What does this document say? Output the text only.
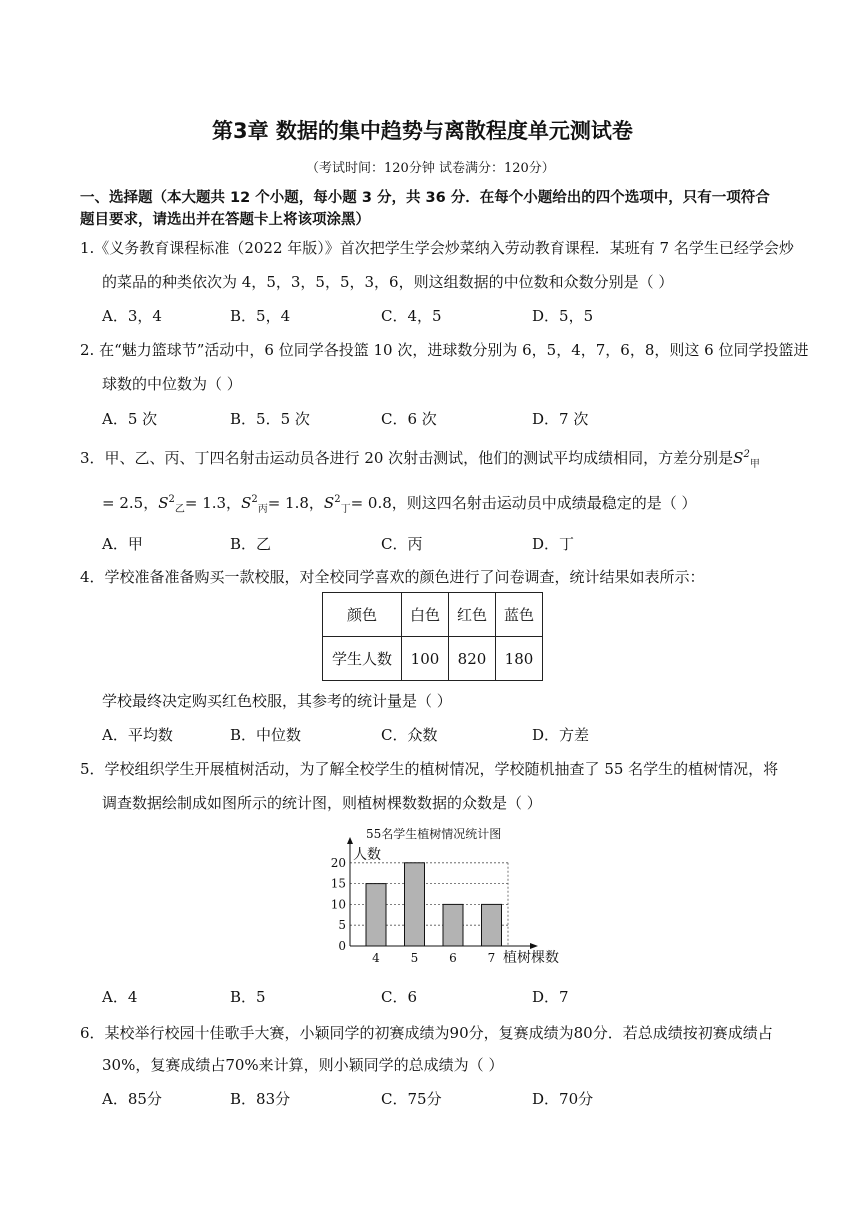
第3章 数据的集中趋势与离散程度单元测试卷
（考试时间：120分钟 试卷满分：120分）
一、选择题（本大题共 12 个小题，每小题 3 分，共 36 分．在每个小题给出的四个选项中，只有一项符合
题目要求，请选出并在答题卡上将该项涂黑）
1.《义务教育课程标准（2022 年版）》首次把学生学会炒菜纳入劳动教育课程．某班有 7 名学生已经学会炒
的菜品的种类依次为 4，5，3，5，5，3，6，则这组数据的中位数和众数分别是（ ）
A．3，4	B．5，4	C．4，5	D．5，5
2. 在“魅力篮球节”活动中，6 位同学各投篮 10 次，进球数分别为 6，5，4，7，6，8，则这 6 位同学投篮进
球数的中位数为（ ）
A．5 次	B．5．5 次	C．6 次	D．7 次
3．甲、乙、丙、丁四名射击运动员各进行 20 次射击测试，他们的测试平均成绩相同，方差分别是$S^2_甲$
= 2.5，$S^2_乙= 1.3$，$S^2_丙= 1.8$，$S^2_丁= 0.8$，则这四名射击运动员中成绩最稳定的是（ ）
A．甲	B．乙	C．丙	D．丁
4．学校准备准备购买一款校服，对全校同学喜欢的颜色进行了问卷调查，统计结果如表所示：
颜色	白色	红色	蓝色
学生人数	100	820	180
学校最终决定购买红色校服，其参考的统计量是（ ）
A．平均数	B．中位数	C．众数	D．方差
5．学校组织学生开展植树活动，为了解全校学生的植树情况，学校随机抽查了 55 名学生的植树情况，将
调查数据绘制成如图所示的统计图，则植树棵数数据的众数是（ ）
55名学生植树情况统计图
人数
植树棵数
0
5
10
15
20
4	5	6	7
A．4	B．5	C．6	D．7
6．某校举行校园十佳歌手大赛，小颖同学的初赛成绩为90分，复赛成绩为80分．若总成绩按初赛成绩占
30%，复赛成绩占70%来计算，则小颖同学的总成绩为（ ）
A．85分	B．83分	C．75分	D．70分
